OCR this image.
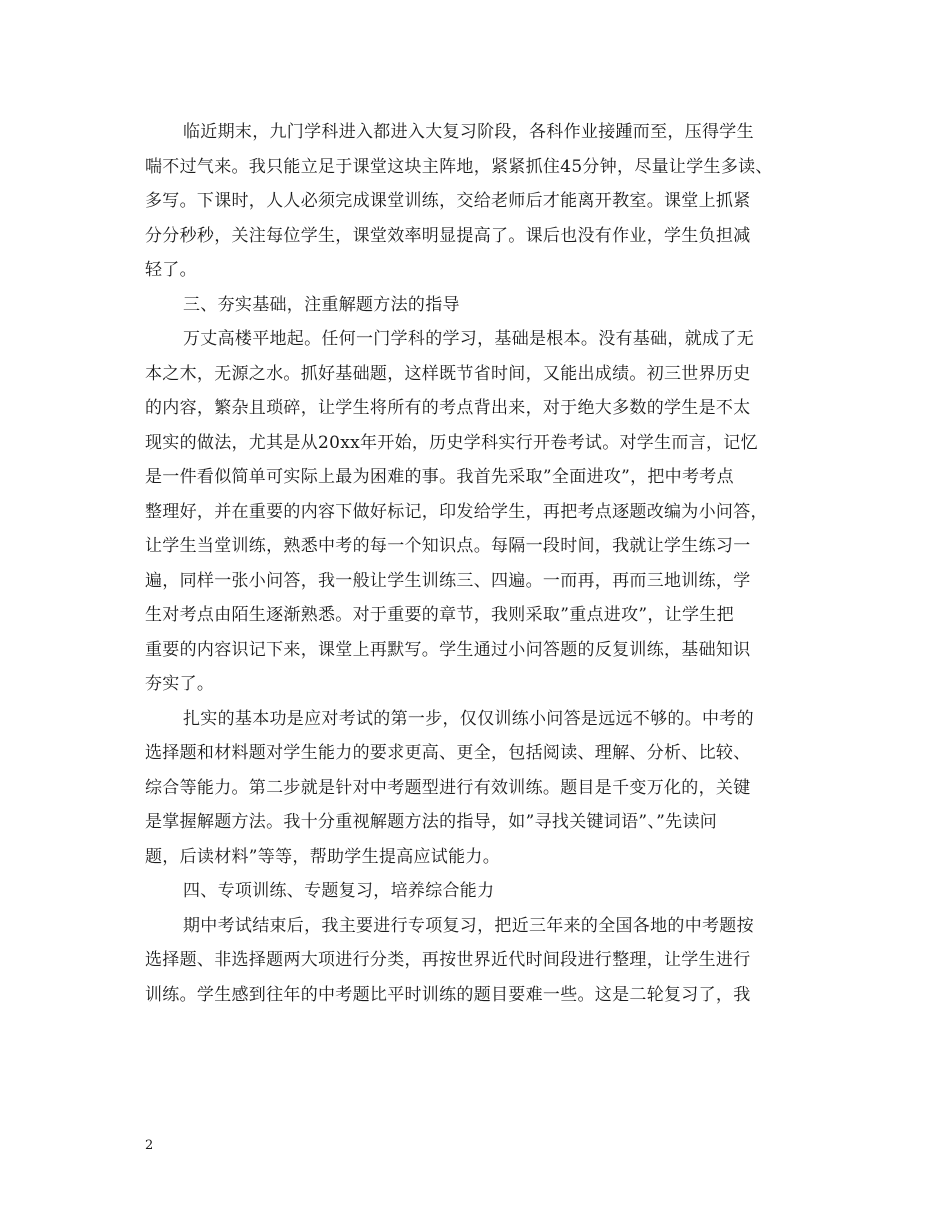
临近期末，九门学科进入都进入大复习阶段，各科作业接踵而至，压得学生
喘不过气来。我只能立足于课堂这块主阵地，紧紧抓住45分钟，尽量让学生多读、
多写。下课时，人人必须完成课堂训练，交给老师后才能离开教室。课堂上抓紧
分分秒秒，关注每位学生，课堂效率明显提高了。课后也没有作业，学生负担减
轻了。
三、夯实基础，注重解题方法的指导
万丈高楼平地起。任何一门学科的学习，基础是根本。没有基础，就成了无
本之木，无源之水。抓好基础题，这样既节省时间，又能出成绩。初三世界历史
的内容，繁杂且琐碎，让学生将所有的考点背出来，对于绝大多数的学生是不太
现实的做法，尤其是从20xx年开始，历史学科实行开卷考试。对学生而言，记忆
是一件看似简单可实际上最为困难的事。我首先采取”全面进攻”，把中考考点
整理好，并在重要的内容下做好标记，印发给学生，再把考点逐题改编为小问答，
让学生当堂训练，熟悉中考的每一个知识点。每隔一段时间，我就让学生练习一
遍，同样一张小问答，我一般让学生训练三、四遍。一而再，再而三地训练，学
生对考点由陌生逐渐熟悉。对于重要的章节，我则采取”重点进攻”，让学生把
重要的内容识记下来，课堂上再默写。学生通过小问答题的反复训练，基础知识
夯实了。
扎实的基本功是应对考试的第一步，仅仅训练小问答是远远不够的。中考的
选择题和材料题对学生能力的要求更高、更全，包括阅读、理解、分析、比较、
综合等能力。第二步就是针对中考题型进行有效训练。题目是千变万化的，关键
是掌握解题方法。我十分重视解题方法的指导，如”寻找关键词语”、”先读问
题，后读材料”等等，帮助学生提高应试能力。
四、专项训练、专题复习，培养综合能力
期中考试结束后，我主要进行专项复习，把近三年来的全国各地的中考题按
选择题、非选择题两大项进行分类，再按世界近代时间段进行整理，让学生进行
训练。学生感到往年的中考题比平时训练的题目要难一些。这是二轮复习了，我
2
